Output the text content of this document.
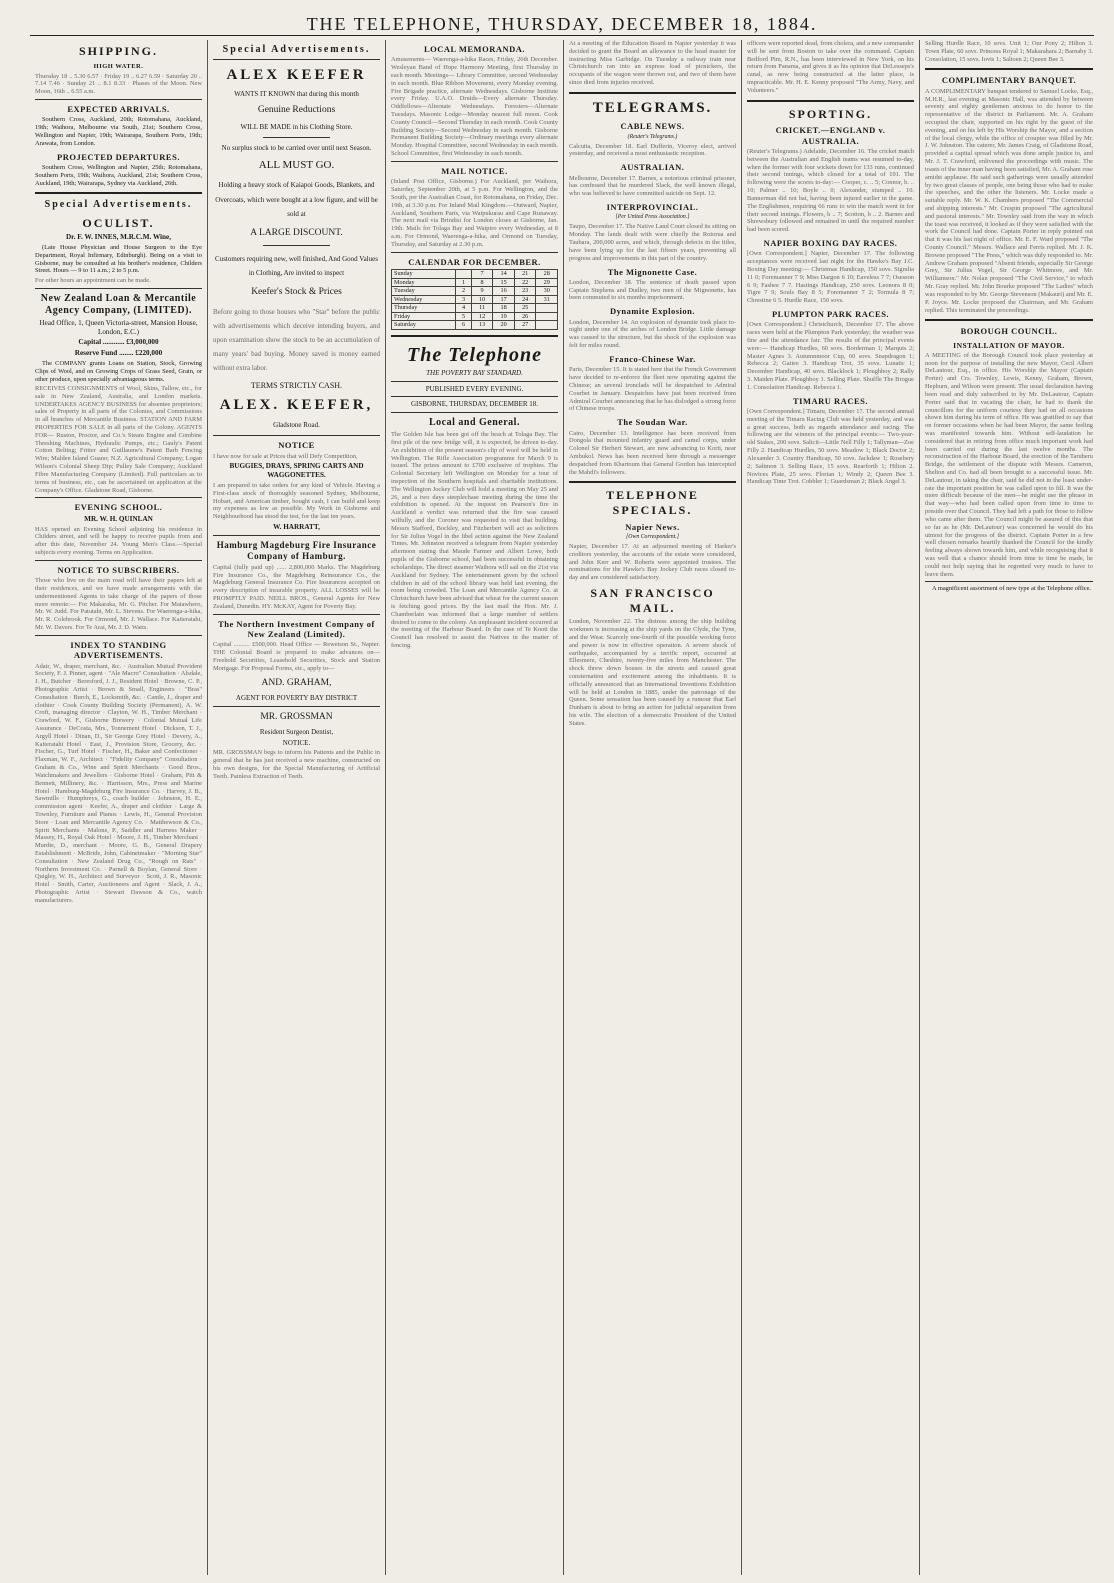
THE TELEPHONE, THURSDAY, DECEMBER 18, 1884.
SHIPPING.
HIGH WATER.
Thursday 18 .. 5.30 6.57 · Friday 19 .. 6.27 6.59 · Saturday 20 .. 7.14 7.46 · Sunday 21 .. 8.1 8.33 · Phases of the Moon. New Moon, 16th .. 6.55 a.m.
EXPECTED ARRIVALS.

Southern Cross, Auckland, 20th; Rotomahana, Auckland, 19th; Waihora, Melbourne via South, 21st; Southern Cross, Wellington and Napier, 19th; Wairarapa, Southern Ports, 19th; Arawata, from London.

PROJECTED DEPARTURES.

Southern Cross, Wellington and Napier, 25th; Rotomahana, Southern Ports, 19th; Waihora, Auckland, 21st; Southern Cross, Auckland, 19th; Wairarapa, Sydney via Auckland, 26th.

Special Advertisements.
OCULIST.
Dr. F. W. INNES, M.R.C.M. Wine,

(Late House Physician and House Surgeon to the Eye Department, Royal Infirmary, Edinburgh). Being on a visit to Gisborne, may be consulted at his brother's residence, Childers Street. Hours — 9 to 11 a.m.; 2 to 5 p.m.

For other hours an appointment can be made.

New Zealand Loan & Mercantile Agency Company, (LIMITED).
Head Office, 1, Queen Victoria-street, Mansion House, London, E.C.)
Capital ............ £3,000,000
Reserve Fund ........ £220,000

The COMPANY grants Loans on Station, Stock, Growing Clips of Wool, and on Growing Crops of Grass Seed, Grain, or other produce, upon specially advantageous terms.

RECEIVES CONSIGNMENTS of Wool, Skins, Tallow, etc., for sale in New Zealand, Australia, and London markets. UNDERTAKES AGENCY BUSINESS for absentee proprietors; sales of Property in all parts of the Colonies, and Commissions in all branches of Mercantile Business. STATION AND FARM PROPERTIES FOR SALE in all parts of the Colony. AGENTS FOR— Ruston, Proctor, and Co.'s Steam Engine and Combine Threshing Machines, Hydraulic Pumps, etc.; Gauly's Patent Cotton Belting; Fritter and Guillaume's Patent Barb Fencing Wire; Malden Island Guano; N.Z. Agricultural Company; Logan Wilson's Colonial Sheep Dip; Pulley Sale Company; Auckland Fibre Manufacturing Company (Limited). Full particulars as to terms of business, etc., can be ascertained on application at the Company's Office. Gladstone Road, Gisborne.

EVENING SCHOOL.
MR. W. H. QUINLAN

HAS opened an Evening School adjoining his residence in Childers street, and will be happy to receive pupils from and after this date, November 24. Young Men's Class.—Special subjects every evening. Terms on Application.

NOTICE TO SUBSCRIBERS.

Those who live on the main road will have their papers left at their residences, and we have made arrangements with the undermentioned Agents to take charge of the papers of those more remote:— For Makaraka, Mr. G. Pitcher. For Matawhero, Mr. W. Judd. For Patutahi, Mr. L. Stevens. For Waerenga-a-hika, Mr. R. Colebrook. For Ormond, Mr. J. Wallace. For Kaiteratahi, Mr. W. Davers. For Te Arai, Mr. J. D. Watts.

INDEX TO STANDING ADVERTISEMENTS.

Adair, W., draper, merchant, &c. · Australian Mutual Provident Society, F. J. Pinner, agent · "Ale Macro" Consultation · Alsdale, J. H., Butcher · Beresford, J. J., Resident Hotel · Browne, C. P., Photographic Artist · Brown & Small, Engineers · "Bras" Consultation · Burch, E., Locksmith, &c. · Cantle, J., draper and clothier · Cook County Building Society (Permanent), A. W. Croft, managing director · Clayton, W. H., Timber Merchant · Crawford, W. F., Gisborne Brewery · Colonial Mutual Life Assurance · DeCosta, Mrs., Tonnement Hotel · Dickson, T. J., Argyll Hotel · Dinan, D., Sir George Grey Hotel · Devery, A., Kaiteratahi Hotel · East, J., Provision Store, Grocery, &c. · Fischer, G., Turf Hotel · Fischer, H., Baker and Confectioner · Flaxman, W. F., Architect · "Fidelity Company" Consultation · Graham & Co., Wine and Spirit Merchants · Good Bros., Watchmakers and Jewellers · Gisborne Hotel · Graham, Pitt & Bennett, Millinery, &c. · Harrisson, Mrs., Press and Marine Hotel · Hamburg-Magdeburg Fire Insurance Co. · Harvey, J. B., Sawmills · Humphreys, G., coach builder · Johnston, H. E., commission agent · Keefer, A., draper and clothier · Large & Townley, Furniture and Pianos · Lewis, H., General Provision Store · Loan and Mercantile Agency Co. · Matthewson & Co., Spirit Merchants · Malone, P., Saddler and Harness Maker · Massey, H., Royal Oak Hotel · Moore, J. H., Timber Merchant · Murdie, D., merchant · Moore, G. B., General Drapery Establishment · McBride, John, Cabinetmaker · "Morning Star" Consultation · New Zealand Drug Co., "Rough on Rats" · Northern Investment Co. · Parnell & Boylan, General Store · Quigley, W. H., Architect and Surveyor · Scott, J. R., Masonic Hotel · Smith, Carter, Auctioneers and Agent · Slack, J. A., Photographic Artist · Stewart Dawson & Co., watch manufacturers.

Special Advertisements.
ALEX KEEFER
WANTS IT KNOWN that during this month
Genuine Reductions
WILL BE MADE in his Clothing Store.
No surplus stock to be carried over until next Season.
ALL MUST GO.
Holding a heavy stock of Kaiapoi Goods, Blankets, and Overcoats, which were bought at a low figure, and will be sold at
A LARGE DISCOUNT.
Customers requiring new, well finished, And Good Values in Clothing, Are invited to inspect
Keefer's Stock & Prices
Before going to those houses who "Star" before the public with advertisements which deceive intending buyers, and upon examination show the stock to be an accumulation of many years' bad buying. Money saved is money earned without extra labor.
TERMS STRICTLY CASH.
ALEX. KEEFER,
Gladstone Road.
NOTICE

I have now for sale at Prices that will Defy Competition,

BUGGIES, DRAYS, SPRING CARTS AND WAGGONETTES.

I am prepared to take orders for any kind of Vehicle. Having a First-class stock of thoroughly seasoned Sydney, Melbourne, Hobart, and American timber, bought cash, I can build and keep my expenses as low as possible. My Work in Gisborne and Neighbourhood has stood the test, for the last ten years.

W. HARRATT,
Hamburg Magdeburg Fire Insurance Company of Hamburg.

Capital (fully paid up) ...... 2,800,000 Marks. The Magdeburg Fire Insurance Co., the Magdeburg Reinsurance Co., the Magdeburg General Insurance Co. Fire Insurances accepted on every description of insurable property. ALL LOSSES will be PROMPTLY PAID. NEILL BROS., General Agents for New Zealand, Dunedin. HY. McKAY, Agent for Poverty Bay.

The Northern Investment Company of New Zealand (Limited).

Capital .......... £500,000. Head Office — Rewetson St., Napier. THE Colonial Board is prepared to make advances on— Freehold Securities, Leasehold Securities, Stock and Station Mortgage. For Proposal Forms, etc., apply to—

AND. GRAHAM,
AGENT FOR POVERTY BAY DISTRICT
MR. GROSSMAN
Resident Surgeon Dentist,
NOTICE.

MR. GROSSMAN begs to inform his Patients and the Public in general that he has just received a new machine, constructed on his own designs, for the Special Manufacturing of Artificial Teeth. Painless Extraction of Teeth.

LOCAL MEMORANDA.

Amusements— Waerenga-a-hika Races, Friday, 26th December. Wesleyan Band of Hope Harmony Meeting, first Thursday in each month. Meetings— Library Committee, second Wednesday in each month. Blue Ribbon Movement, every Monday evening. Fire Brigade practice, alternate Wednesdays. Gisborne Institute every Friday. U.A.O. Druids—Every alternate Thursday. Oddfellows—Alternate Wednesdays. Foresters—Alternate Tuesdays. Masonic Lodge—Monday nearest full moon. Cook County Council—Second Thursday in each month. Cook County Building Society—Second Wednesday in each month. Gisborne Permanent Building Society—Ordinary meetings every alternate Monday. Hospital Committee, second Wednesday in each month. School Committee, first Wednesday in each month.

MAIL NOTICE.

(Inland Post Office, Gisborne.) For Auckland, per Waihora, Saturday, September 20th, at 5 p.m. For Wellington, and the South, per the Australian Coast, for Rotomahana, on Friday, Dec. 19th, at 3.30 p.m. For Inland Mail Kingdom.—Outward, Napier, Auckland, Southern Parts, via Waipukurau and Cape Runaway. The next mail via Brindisi for London closes at Gisborne, Jan. 19th. Mails for Tolaga Bay and Waipiro every Wednesday, at 8 a.m. For Ormond, Waerenga-a-hika, and Ormond on Tuesday, Thursday, and Saturday at 2.30 p.m.

CALENDAR FOR DECEMBER.
Sunday		7	14	21	28
Monday	1	8	15	22	29
Tuesday	2	9	16	23	30
Wednesday	3	10	17	24	31
Thursday	4	11	18	25	
Friday	5	12	19	26	
Saturday	6	13	20	27	
The Telephone
THE POVERTY BAY STANDARD.
PUBLISHED EVERY EVENING.
GISBORNE, THURSDAY, DECEMBER 18.
Local and General.

The Golden Isle has been got off the beach at Tolaga Bay. The first pile of the new bridge will, it is expected, be driven to-day. An exhibition of the present season's clip of wool will be held in Wellington. The Rifle Association programme for March 9 is issued. The prizes amount to £700 exclusive of trophies. The Colonial Secretary left Wellington on Monday for a tour of inspection of the Southern hospitals and charitable institutions. The Wellington Jockey Club will hold a meeting on May 25 and 26, and a two days steeplechase meeting during the time the exhibition is opened. At the inquest on Pearson's fire in Auckland a verdict was returned that the fire was caused wilfully, and the Coroner was requested to visit that building. Messrs Stafford, Bockley, and Fitzherbert will act as solicitors for Sir Julius Vogel in the libel action against the New Zealand Times. Mr. Johnston received a telegram from Napier yesterday afternoon stating that Maude Farmer and Albert Lowe, both pupils of the Gisborne school, had been successful in obtaining scholarships. The direct steamer Waihora will sail on the 21st via Auckland for Sydney. The entertainment given by the school children in aid of the school library was held last evening, the room being crowded. The Loan and Mercantile Agency Co. at Christchurch have been advised that wheat for the current season is fetching good prices. By the last mail the Hon. Mr. J. Chamberlain was informed that a large number of settlers desired to come to the colony. An unpleasant incident occurred at the meeting of the Harbour Board. In the case of Te Kooti the Council has resolved to assist the Natives in the matter of fencing.

At a meeting of the Education Board in Napier yesterday it was decided to grant the Board an allowance to the head master for instructing Miss Garbidge. On Tuesday a railway train near Christchurch ran into an express load of picnickers, the occupants of the wagon were thrown out, and two of them have since died from injuries received.

TELEGRAMS.
CABLE NEWS.
(Reuter's Telegrams.)

Calcutta, December 18. Earl Dufferin, Viceroy elect, arrived yesterday, and received a most enthusiastic reception.

AUSTRALIAN.

Melbourne, December 17. Barnes, a notorious criminal prisoner, has confessed that he murdered Slack, the well known illegal, who was believed to have committed suicide on Sept. 12.

INTERPROVINCIAL.
[Per United Press Association.]

Taupo, December 17. The Native Land Court closed its sitting on Monday. The lands dealt with were chiefly the Rotorua and Taubara, 200,000 acres, and which, through defects in the titles, have been lying up for the last fifteen years, preventing all progress and improvements in this part of the country.

The Mignonette Case.

London, December 18. The sentence of death passed upon Captain Stephens and Dudley, two men of the Mignonette, has been commuted to six months imprisonment.

Dynamite Explosion.

London, December 14. An explosion of dynamite took place to-night under one of the arches of London Bridge. Little damage was caused to the structure, but the shock of the explosion was felt for miles round.

Franco-Chinese War.

Paris, December 15. It is stated here that the French Government have decided to re-enforce the fleet now operating against the Chinese; an several ironclads will be despatched to Admiral Courbet in January. Despatches have just been received from Admiral Courbet announcing that he has dislodged a strong force of Chinese troops.

The Soudan War.

Cairo, December 13. Intelligence has been received from Dongola that mounted infantry guard and camel corps, under Colonel Sir Herbert Stewart, are now advancing to Korti, near Ambukol. News has been received here through a messenger despatched from Khartoum that General Gordon has intercepted the Mahdi's followers.

TELEPHONE SPECIALS.
Napier News.
[Own Correspondent.]

Napier, December 17. At an adjourned meeting of Harker's creditors yesterday, the accounts of the estate were considered, and John Kerr and W. Roberts were appointed trustees. The nominations for the Hawke's Bay Jockey Club races closed to-day and are considered satisfactory.

SAN FRANCISCO MAIL.

London, November 22. The distress among the ship building workmen is increasing at the ship yards on the Clyde, the Tyne, and the Wear. Scarcely one-fourth of the possible working force and power is now in effective operation. A severe shock of earthquake, accompanied by a terrific report, occurred at Ellesmere, Cheshire, twenty-five miles from Manchester. The shock threw down houses in the streets and caused great consternation and excitement among the inhabitants. It is officially announced that an International Inventions Exhibition will be held at London in 1885, under the patronage of the Queen. Some sensation has been caused by a rumour that Earl Dunham is about to bring an action for judicial separation from his wife. The election of a democratic President of the United States.

officers were reported dead, from cholera, and a new commander will be sent from Boston to take over the command. Captain Bedford Pim, R.N., has been interviewed in New York, on his return from Panama, and gives it as his opinion that DeLesseps's canal, as now being constructed at the latter place, is impracticable. Mr. H. E. Kenny proposed "The Army, Navy, and Volunteers."

SPORTING.
CRICKET.—ENGLAND v. AUSTRALIA.

(Reuter's Telegrams.) Adelaide, December 16. The cricket match between the Australian and English teams was resumed to-day, when the former with four wickets down for 133 runs, continued their second innings, which closed for a total of 191. The following were the scores to-day:— Cooper, c. .. 5; Connor, b. .. 10; Palmer .. 10; Boyle .. 0; Alexander, stumped .. 10. Bannerman did not bat, having been injured earlier in the game. The Englishmen, requiring 66 runs to win the match went in for their second innings. Flowers, b .. 7; Scotton, b .. 2. Barnes and Shrewsbury followed and remained in until the required number had been scored.

NAPIER BOXING DAY RACES.

[Own Correspondent.] Napier, December 17. The following acceptances were received last night for the Hawke's Bay J.C. Boxing Day meeting:— Christmas Handicap, 150 sovs. Sigmlia 11 0; Foremanner 7 9; Miss Dargon 6 10; Eaveless 7 7; Osesson 6 9; Fashee 7 7. Hastings Handicap, 250 sovs. Leonora 8 0; Tigre 7 9; Souls Bay 8 5; Foremanner 7 2; Tormula 8 7; Chrestine 6 5. Hurdle Race, 150 sovs.

PLUMPTON PARK RACES.

[Own Correspondent.] Christchurch, December 17. The above races were held at the Plumpton Park yesterday; the weather was fine and the attendance fair. The results of the principal events were:— Handicap Hurdles, 60 sovs. Borderman 1; Marquis 2; Master Agnes 3. Autumnmoor Cup, 60 sovs. Snapdragon 1; Rebecca 2; Gaiiee 3. Handicap Trot, 35 sovs. Lunatic 1; December Handicap, 40 sovs. Blacklock 1; Ploughboy 2; Rally 3. Maiden Plate. Ploughboy 1. Selling Plate. Shuffle The Brogue 1. Consolation Handicap. Rebecca 1.

TIMARU RACES.

[Own Correspondent.] Timaru, December 17. The second annual meeting of the Timaru Racing Club was held yesterday, and was a great success, both as regards attendance and racing. The following are the winners of the principal events:— Two-year-old Stakes, 200 sovs. Salicit—Little Nell Filly 1; Tallyman—Zoe Filly 2. Handicap Hurdles, 50 sovs. Meadow 1; Black Doctor 2; Alexander 3. Country Handicap, 50 sovs. Jackdaw 1; Rosebery 2; Saltmon 3. Selling Race, 15 sovs. Rearforth 1; Hilton 2. Novices Plate, 25 sovs. Florian 1; Windy 2; Queen Bee 3. Handicap Time Trot. Cobbler 1; Guardsman 2; Black Angel 3.

Selling Hurdle Race, 10 sovs. Unit 1; Our Pony 2; Hilton 3. Town Plate, 60 sovs. Princess Royal 1; Makarahara 2; Barnaby 3. Consolation, 15 sovs. Iovis 1; Saltoen 2; Queen Bee 3.

COMPLIMENTARY BANQUET.

A COMPLIMENTARY banquet tendered to Samuel Locke, Esq., M.H.R., last evening at Masonic Hall, was attended by between seventy and eighty gentlemen anxious to do honor to the representative of the district in Parliament. Mr. A. Graham occupied the chair, supported on his right by the guest of the evening, and on his left by His Worship the Mayor, and a section of the local clergy, while the office of croupier was filled by Mr. J. W. Johnston. The caterer, Mr. James Craig, of Gladstone Road, provided a capital spread which was done ample justice to, and Mr. J. T. Crawford, enlivened the proceedings with music. The toasts of the inner man having been satisfied, Mr. A. Graham rose amidst applause. He said such gatherings were usually attended by two great classes of people, one being those who had to make the speeches, and the other the listeners. Mr. Locke made a suitable reply. Mr. W. K. Chambers proposed "The Commercial and shipping interests." Mr. Crespin proposed "The agricultural and pastoral interests." Mr. Townley said from the way in which the toast was received, it looked as if they were satisfied with the work the Council had done. Captain Porter in reply pointed out that it was his last night of office. Mr. E. F. Ward proposed "The County Council." Messrs. Wallace and Ferris replied. Mr. J. K. Browne proposed "The Press," which was duly responded to. Mr. Andrew Graham proposed "Absent friends, especially Sir George Grey, Sir Julius Vogel, Sir George Whitmore, and Mr. Williamson." Mr. Nolan proposed "The Civil Service," to which Mr. Gray replied. Mr. John Bourke proposed "The Ladies" which was responded to by Mr. George Stevenson (Makauri) and Mr. E. P. Joyce. Mr. Locke proposed the Chairman, and Mr. Graham replied. This terminated the proceedings.

BOROUGH COUNCIL.
INSTALLATION OF MAYOR.

A MEETING of the Borough Council took place yesterday at noon for the purpose of installing the new Mayor, Cecil Albert DeLautour, Esq., in office. His Worship the Mayor (Captain Porter) and Crs. Townley, Lewis, Kenny, Graham, Brown, Hepburn, and Wilson were present. The usual declaration having been read and duly subscribed to by Mr. DeLautour, Captain Porter said that in vacating the chair, he had to thank the councillors for the uniform courtesy they had on all occasions shown him during his term of office. He was gratified to say that on former occasions when he had been Mayor, the same feeling was manifested towards him. Without self-laudation he considered that in retiring from office much important work had been carried out during the last twelve months. The reconstruction of the Harbour Board, the erection of the Taruheru Bridge, the settlement of the dispute with Messrs. Cameron, Shelton and Co. had all been brought to a successful issue. Mr. DeLautour, in taking the chair, said he did not in the least under-rate the important position he was called upon to fill. It was the more difficult because of the men—he might use the phrase in that way—who had been called upon from time to time to preside over that Council. They had left a path for those to follow who came after them. The Council might be assured of this that so far as he (Mr. DeLautour) was concerned he would do his utmost for the progress of the district. Captain Porter in a few well chosen remarks heartily thanked the Council for the kindly feeling always shown towards him, and while recognising that it was well that a chance should from time to time be made, he could not help saying that he regretted very much to have to leave them.

A magnificent assortment of new type at the Telephone office.
